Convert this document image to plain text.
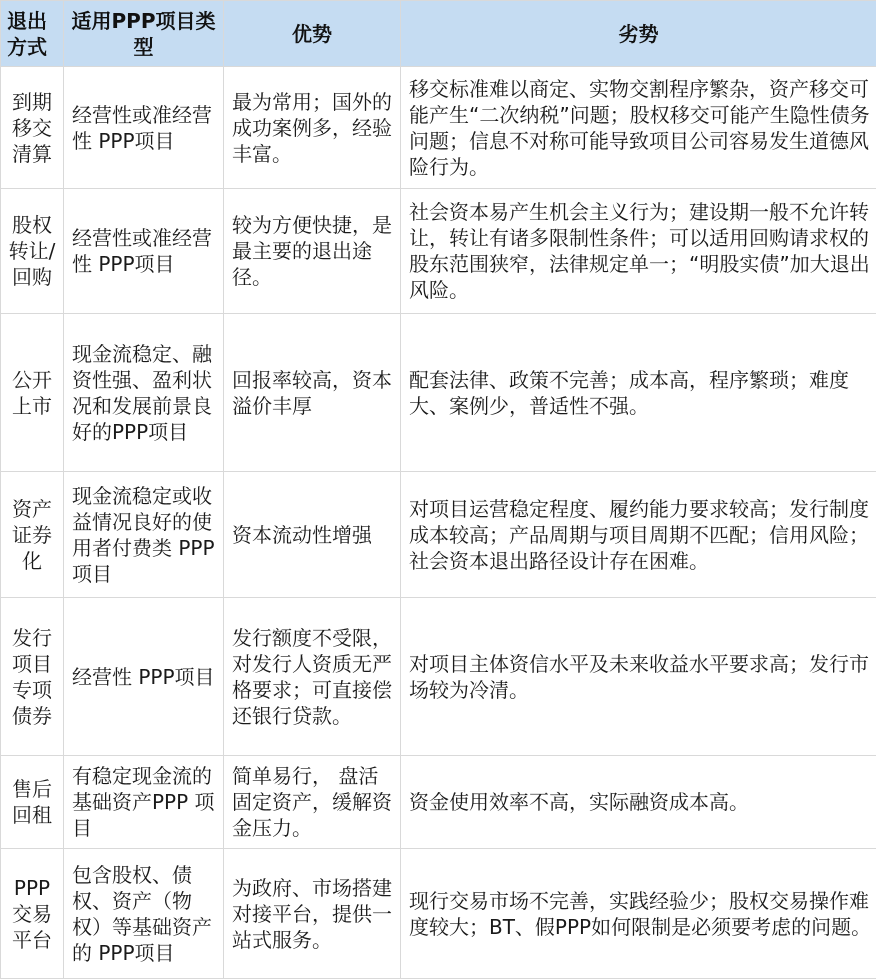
退出方式	适用PPP项目类型	优势	劣势
到期移交清算	经营性或准经营性 PPP项目	最为常用；国外的成功案例多，经验丰富。	移交标准难以商定、实物交割程序繁杂，资产移交可能产生“二次纳税”问题；股权移交可能产生隐性债务问题；信息不对称可能导致项目公司容易发生道德风险行为。
股权转让/回购	经营性或准经营性 PPP项目	较为方便快捷，是最主要的退出途径。	社会资本易产生机会主义行为；建设期一般不允许转让，转让有诸多限制性条件；可以适用回购请求权的股东范围狭窄，法律规定单一；“明股实债”加大退出风险。
公开上市	现金流稳定、融资性强、盈利状况和发展前景良好的PPP项目	回报率较高，资本溢价丰厚	配套法律、政策不完善；成本高，程序繁琐；难度大、案例少，普适性不强。
资产证券化	现金流稳定或收益情况良好的使用者付费类 PPP项目	资本流动性增强	对项目运营稳定程度、履约能力要求较高；发行制度成本较高；产品周期与项目周期不匹配；信用风险；社会资本退出路径设计存在困难。
发行项目专项债券	经营性 PPP项目	发行额度不受限，对发行人资质无严格要求；可直接偿还银行贷款。	对项目主体资信水平及未来收益水平要求高；发行市场较为冷清。
售后回租	有稳定现金流的基础资产PPP 项目	简单易行， 盘活固定资产，缓解资金压力。	资金使用效率不高，实际融资成本高。
PPP交易平台	包含股权、债权、资产（物权）等基础资产的 PPP项目	为政府、市场搭建对接平台，提供一站式服务。	现行交易市场不完善，实践经验少；股权交易操作难度较大；BT、假PPP如何限制是必须要考虑的问题。
